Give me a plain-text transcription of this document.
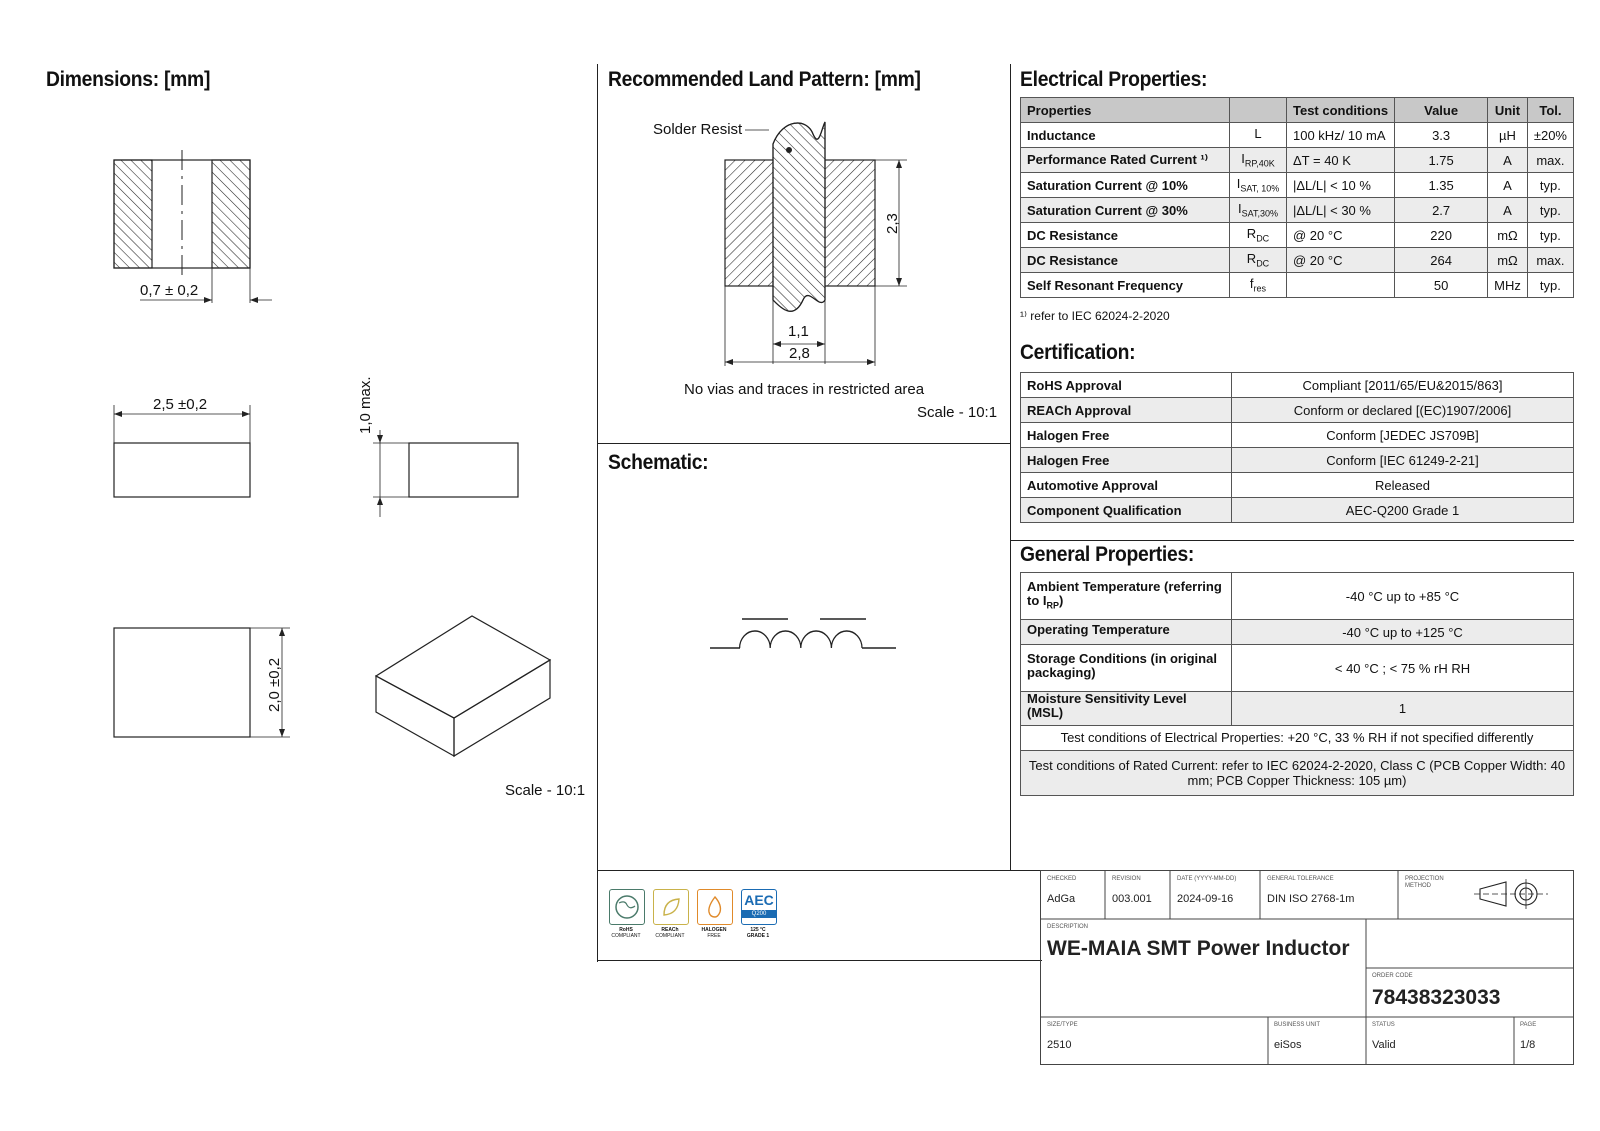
Dimensions: [mm]
0,7 ± 0,2
2,5 ±0,2	1,0 max.
2,0 ±0,2
Scale - 10:1
Recommended Land Pattern: [mm]
Solder Resist
2,3
1,1
2,8
No vias and traces in restricted area
Scale - 10:1
Schematic:
Electrical Properties:
Properties		Test conditions	Value	Unit	Tol.
Inductance	L	100 kHz/ 10 mA	3.3	µH	±20%
Performance Rated Current ¹⁾	$I_{RP,40K}$	ΔT = 40 K	1.75	A	max.
Saturation Current @ 10%	$I_{SAT, 10\%}$	|ΔL/L| < 10 %	1.35	A	typ.
Saturation Current @ 30%	$I_{SAT,30\%}$	|ΔL/L| < 30 %	2.7	A	typ.
DC Resistance	$R_{DC}$	@ 20 °C	220	mΩ	typ.
DC Resistance	$R_{DC}$	@ 20 °C	264	mΩ	max.
Self Resonant Frequency	$f_{res}$		50	MHz	typ.
¹⁾ refer to IEC 62024-2-2020
Certification:
RoHS Approval	Compliant [2011/65/EU&2015/863]
REACh Approval	Conform or declared [(EC)1907/2006]
Halogen Free	Conform [JEDEC JS709B]
Halogen Free	Conform [IEC 61249-2-21]
Automotive Approval	Released
Component Qualification	AEC-Q200 Grade 1
General Properties:
Ambient Temperature (referring to $I_{RP}$)	-40 °C up to +85 °C
Operating Temperature	-40 °C up to +125 °C
Storage Conditions (in original packaging)	< 40 °C ; < 75 % rH RH
Moisture Sensitivity Level (MSL)	1
Test conditions of Electrical Properties: +20 °C, 33 % RH if not specified differently	
Test conditions of Rated Current: refer to IEC 62024-2-2020, Class C (PCB Copper Width: 40 mm; PCB Copper Thickness: 105 µm)	
RoHS
COMPLIANT
REACh
COMPLIANT
HALOGEN
FREE
AEC
Q200
125 °C
GRADE 1
CHECKED
AdGa
REVISION
003.001
DATE (YYYY-MM-DD)
2024-09-16
GENERAL TOLERANCE
DIN ISO 2768-1m
PROJECTION METHOD
DESCRIPTION
WE-MAIA SMT Power Inductor
ORDER CODE
78438323033
SIZE/TYPE
2510
BUSINESS UNIT
eiSos
STATUS
Valid
PAGE
1/8
